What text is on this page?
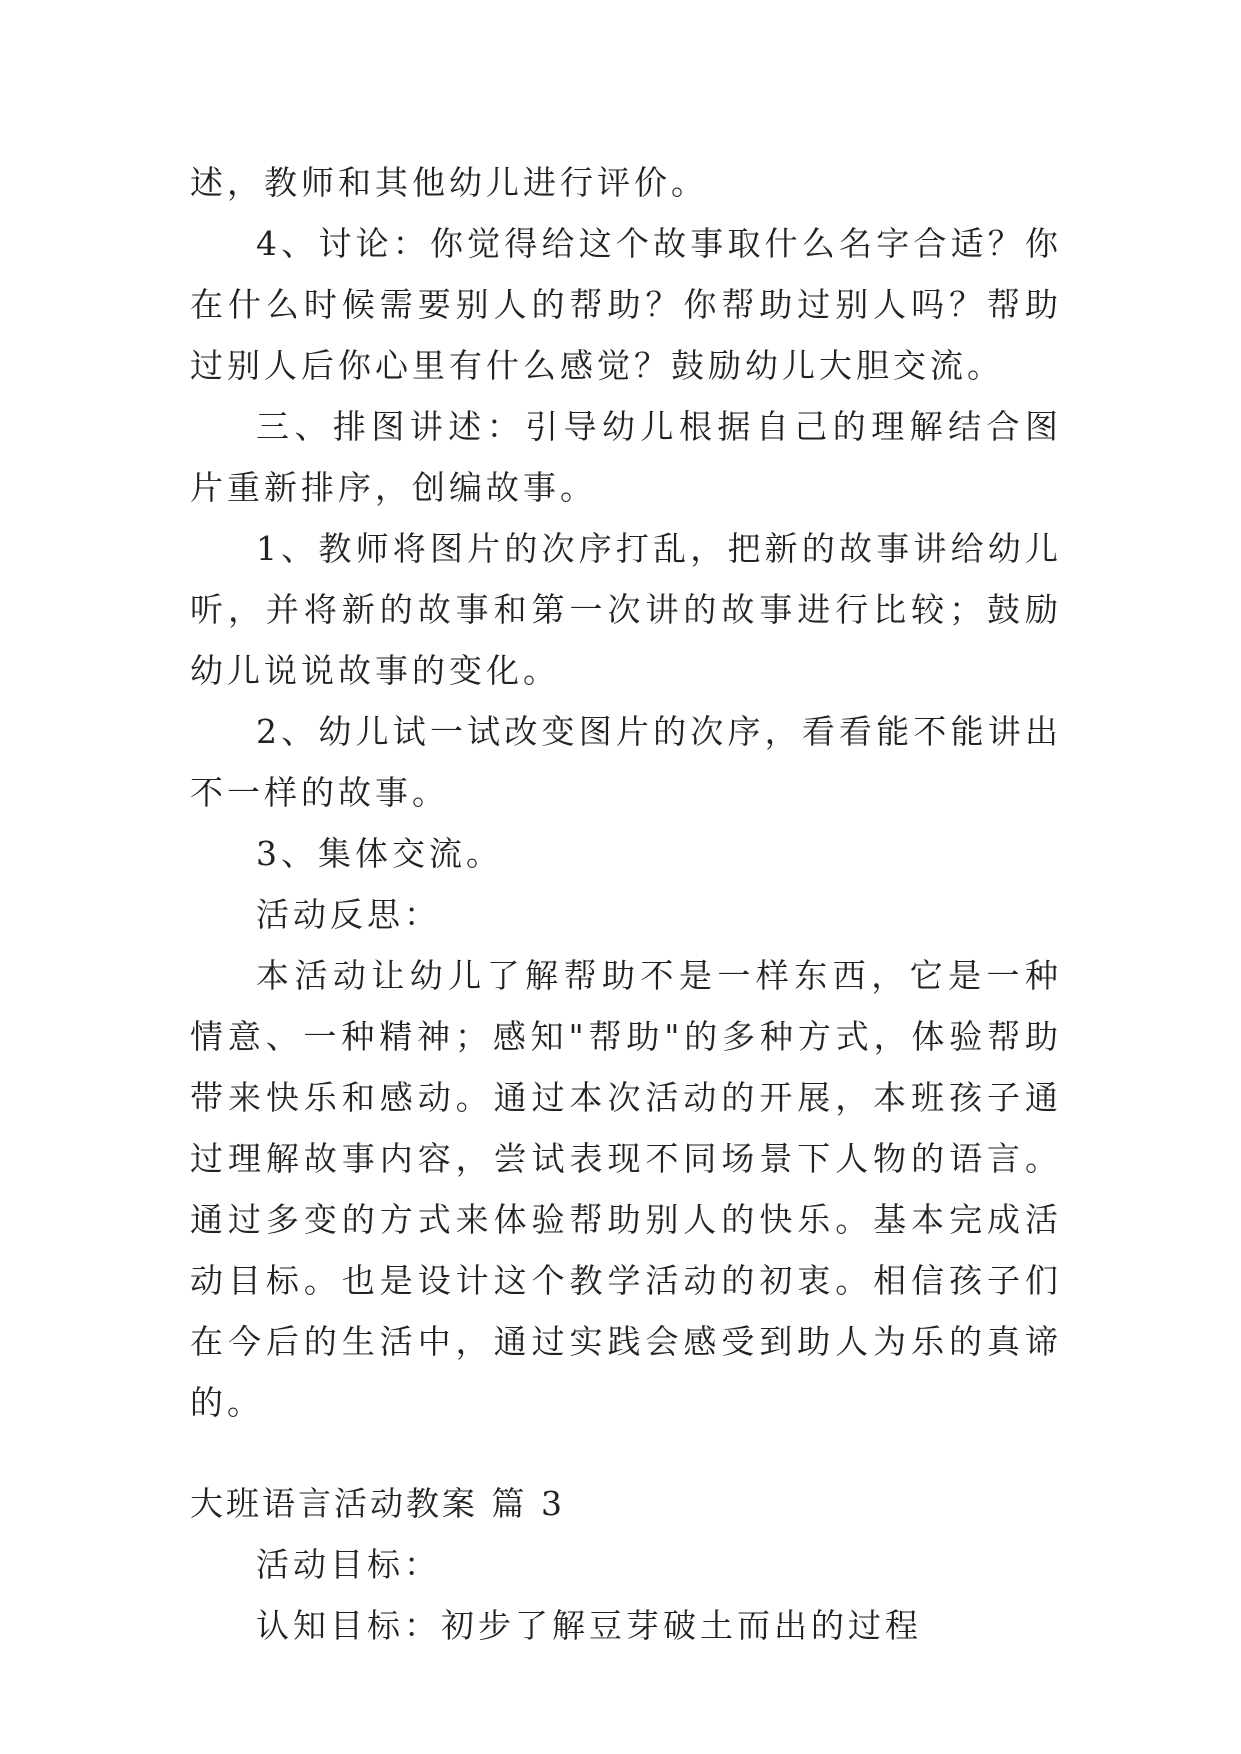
述，教师和其他幼儿进行评价。

4、讨论：你觉得给这个故事取什么名字合适？你在什么时候需要别人的帮助？你帮助过别人吗？帮助过别人后你心里有什么感觉？鼓励幼儿大胆交流。

三、排图讲述：引导幼儿根据自己的理解结合图片重新排序，创编故事。

1、教师将图片的次序打乱，把新的故事讲给幼儿听，并将新的故事和第一次讲的故事进行比较；鼓励幼儿说说故事的变化。

2、幼儿试一试改变图片的次序，看看能不能讲出不一样的故事。

3、集体交流。

活动反思：

本活动让幼儿了解帮助不是一样东西，它是一种情意、一种精神；感知"帮助"的多种方式，体验帮助带来快乐和感动。通过本次活动的开展，本班孩子通过理解故事内容，尝试表现不同场景下人物的语言。通过多变的方式来体验帮助别人的快乐。基本完成活动目标。也是设计这个教学活动的初衷。相信孩子们在今后的生活中，通过实践会感受到助人为乐的真谛的。

大班语言活动教案 篇 3

活动目标：

认知目标：初步了解豆芽破土而出的过程
